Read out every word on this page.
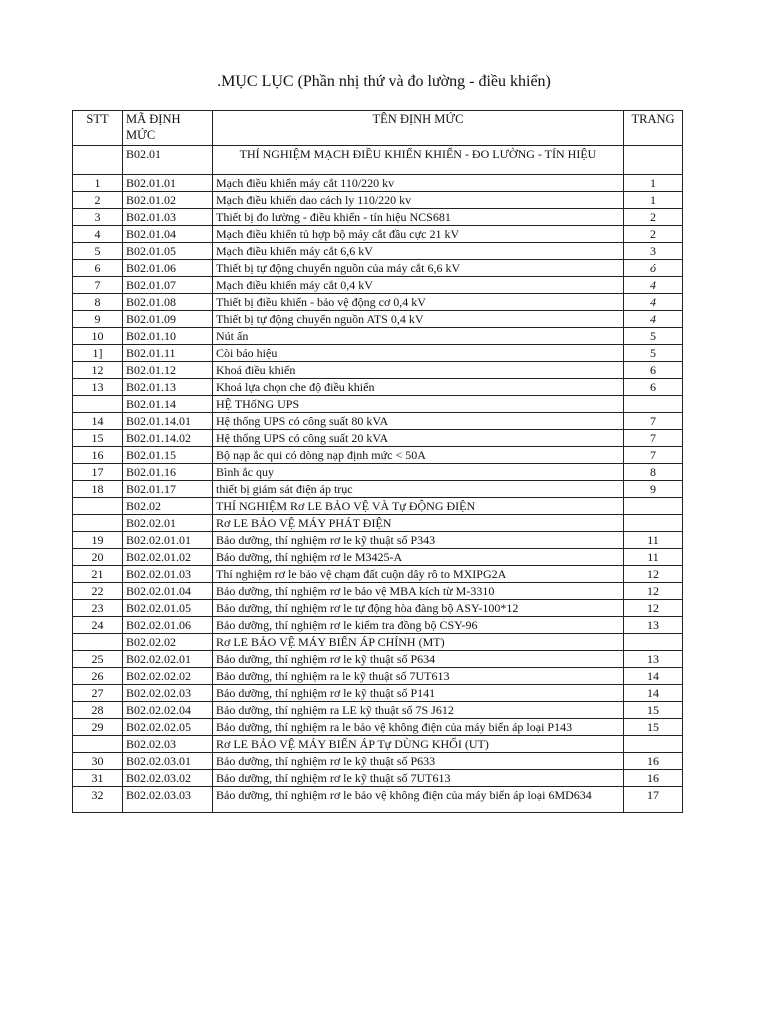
.MỤC LỤC (Phần nhị thứ và đo lường - điều khiển)
STT	MÃ ĐỊNH MỨC	TÊN ĐỊNH MỨC	TRANG
	B02.01	THÍ NGHIỆM MẠCH ĐIỀU KHIỂN KHIỂN - ĐO LƯỜNG - TÍN HIỆU	
1	B02.01.01	Mạch điều khiển máy cắt 110/220 kv	1
2	B02.01.02	Mạch điều khiển dao cách ly 110/220 kv	1
3	B02.01.03	Thiết bị đo lường - điều khiển - tín hiệu NCS681	2
4	B02.01.04	Mạch điều khiển tủ hợp bộ máy cắt đầu cực 21 kV	2
5	B02.01.05	Mạch điều khiển máy cắt 6,6 kV	3
6	B02.01.06	Thiết bị tự động chuyển nguồn của máy cắt 6,6 kV	ó
7	B02.01.07	Mạch điều khiển máy cắt 0,4 kV	4
8	B02.01.08	Thiết bị điều khiển - bảo vệ động cơ 0,4 kV	4
9	B02.01.09	Thiết bị tự động chuyển nguồn ATS 0,4 kV	4
10	B02.01.10	Nút ấn	5
1]	B02.01.11	Còi báo hiệu	5
12	B02.01.12	Khoá điều khiển	6
13	B02.01.13	Khoá lựa chọn che độ điều khiển	6
	B02.01.14	HỆ THốNG UPS	
14	B02.01.14.01	Hệ thống UPS có công suất 80 kVA	7
15	B02.01.14.02	Hệ thống UPS có công suất 20 kVA	7
16	B02.01.15	Bộ nạp ắc qui có dòng nạp định mức < 50A	7
17	B02.01.16	Bình ắc quy	8
18	B02.01.17	thiết bị giám sát điện áp trục	9
	B02.02	THÍ NGHIỆM Rơ LE BẢO VỆ VÀ Tự ĐỘNG ĐIỆN	
	B02.02.01	Rơ LE BẢO VỆ MÁY PHÁT ĐIỆN	
19	B02.02.01.01	Bảo dưỡng, thí nghiệm rơ le kỹ thuật số P343	11
20	B02.02.01.02	Bảo dưỡng, thí nghiệm rơ le M3425-A	11
21	B02.02.01.03	Thí nghiệm rơ le bảo vệ chạm đất cuộn dây rô to MXIPG2A	12
22	B02.02.01.04	Bảo dưỡng, thí nghiệm rơ le bảo vệ MBA kích từ M-3310	12
23	B02.02.01.05	Bảo dưỡng, thí nghiệm rơ le tự động hòa đàng bộ ASY-100*12	12
24	B02.02.01.06	Bảo dưỡng, thí nghiệm rơ le kiểm tra đồng bộ CSY-96	13
	B02.02.02	Rơ LE BẢO VỆ MÁY BIẾN ÁP CHÍNH (MT)	
25	B02.02.02.01	Bảo dưỡng, thí nghiệm rơ le kỹ thuật số P634	13
26	B02.02.02.02	Bảo dưỡng, thí nghiệm ra le kỹ thuật số 7UT613	14
27	B02.02.02.03	Bảo dưỡng, thí nghiệm rơ le kỹ thuật số P141	14
28	B02.02.02.04	Bảo dưỡng, thí nghiệm ra LE kỹ thuật số 7S J612	15
29	B02.02.02.05	Bảo dưỡng, thí nghiệm ra le bảo vệ không điện của máy biến áp loại P143	15
	B02.02.03	Rơ LE BẢO VỆ MÁY BIẾN ÁP Tự DÙNG KHỐI (UT)	
30	B02.02.03.01	Bảo dưỡng, thí nghiệm rơ le kỹ thuật số P633	16
31	B02.02.03.02	Bảo dưỡng, thí nghiệm rơ le kỹ thuật số 7UT613	16
32	B02.02.03.03	Bảo dưỡng, thí nghiệm rơ le bảo vệ không điện của máy biến áp loại 6MD634	17
